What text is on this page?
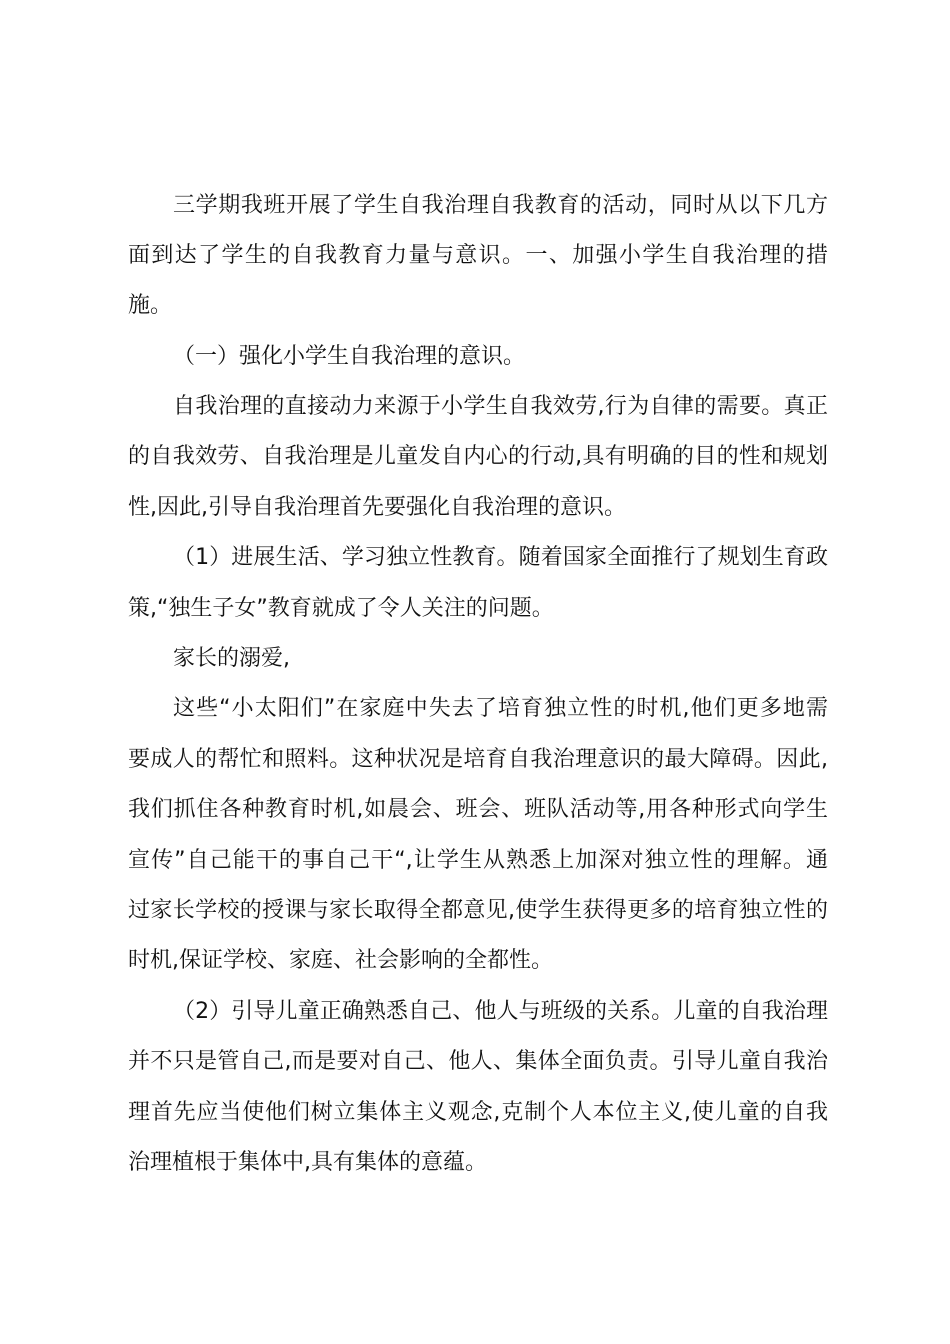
三学期我班开展了学生自我治理自我教育的活动，同时从以下几方
面到达了学生的自我教育力量与意识。一、加强小学生自我治理的措
施。
（一）强化小学生自我治理的意识。
自我治理的直接动力来源于小学生自我效劳,行为自律的需要。真正
的自我效劳、自我治理是儿童发自内心的行动,具有明确的目的性和规划
性,因此,引导自我治理首先要强化自我治理的意识。
（1）进展生活、学习独立性教育。随着国家全面推行了规划生育政
策,“独生子女”教育就成了令人关注的问题。
家长的溺爱,
这些“小太阳们”在家庭中失去了培育独立性的时机,他们更多地需
要成人的帮忙和照料。这种状况是培育自我治理意识的最大障碍。因此,
我们抓住各种教育时机,如晨会、班会、班队活动等,用各种形式向学生
宣传”自己能干的事自己干“,让学生从熟悉上加深对独立性的理解。通
过家长学校的授课与家长取得全都意见,使学生获得更多的培育独立性的
时机,保证学校、家庭、社会影响的全都性。
（2）引导儿童正确熟悉自己、他人与班级的关系。儿童的自我治理
并不只是管自己,而是要对自己、他人、集体全面负责。引导儿童自我治
理首先应当使他们树立集体主义观念,克制个人本位主义,使儿童的自我
治理植根于集体中,具有集体的意蕴。
